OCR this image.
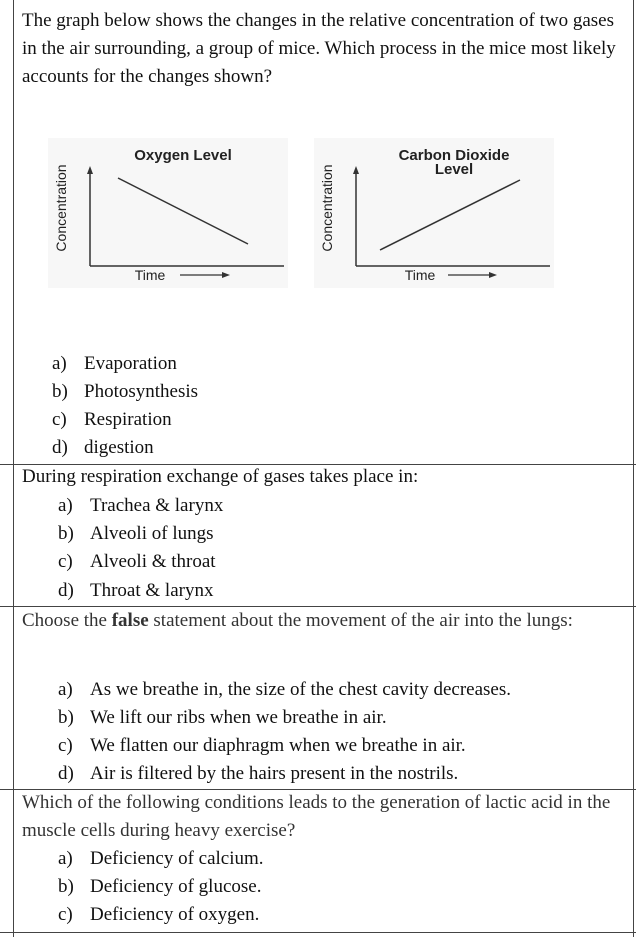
The graph below shows the changes in the relative concentration of two gases in the air surrounding, a group of mice. Which process in the mice most likely accounts for the changes shown?
Oxygen Level
Concentration
Time
Carbon Dioxide
Level
Concentration
Time
a) Evaporation
b) Photosynthesis
c) Respiration
d) digestion
During respiration exchange of gases takes place in:
a) Trachea & larynx
b) Alveoli of lungs
c) Alveoli & throat
d) Throat & larynx
Choose the false statement about the movement of the air into the lungs:
a) As we breathe in, the size of the chest cavity decreases.
b) We lift our ribs when we breathe in air.
c) We flatten our diaphragm when we breathe in air.
d) Air is filtered by the hairs present in the nostrils.
Which of the following conditions leads to the generation of lactic acid in the muscle cells during heavy exercise?
a) Deficiency of calcium.
b) Deficiency of glucose.
c) Deficiency of oxygen.
